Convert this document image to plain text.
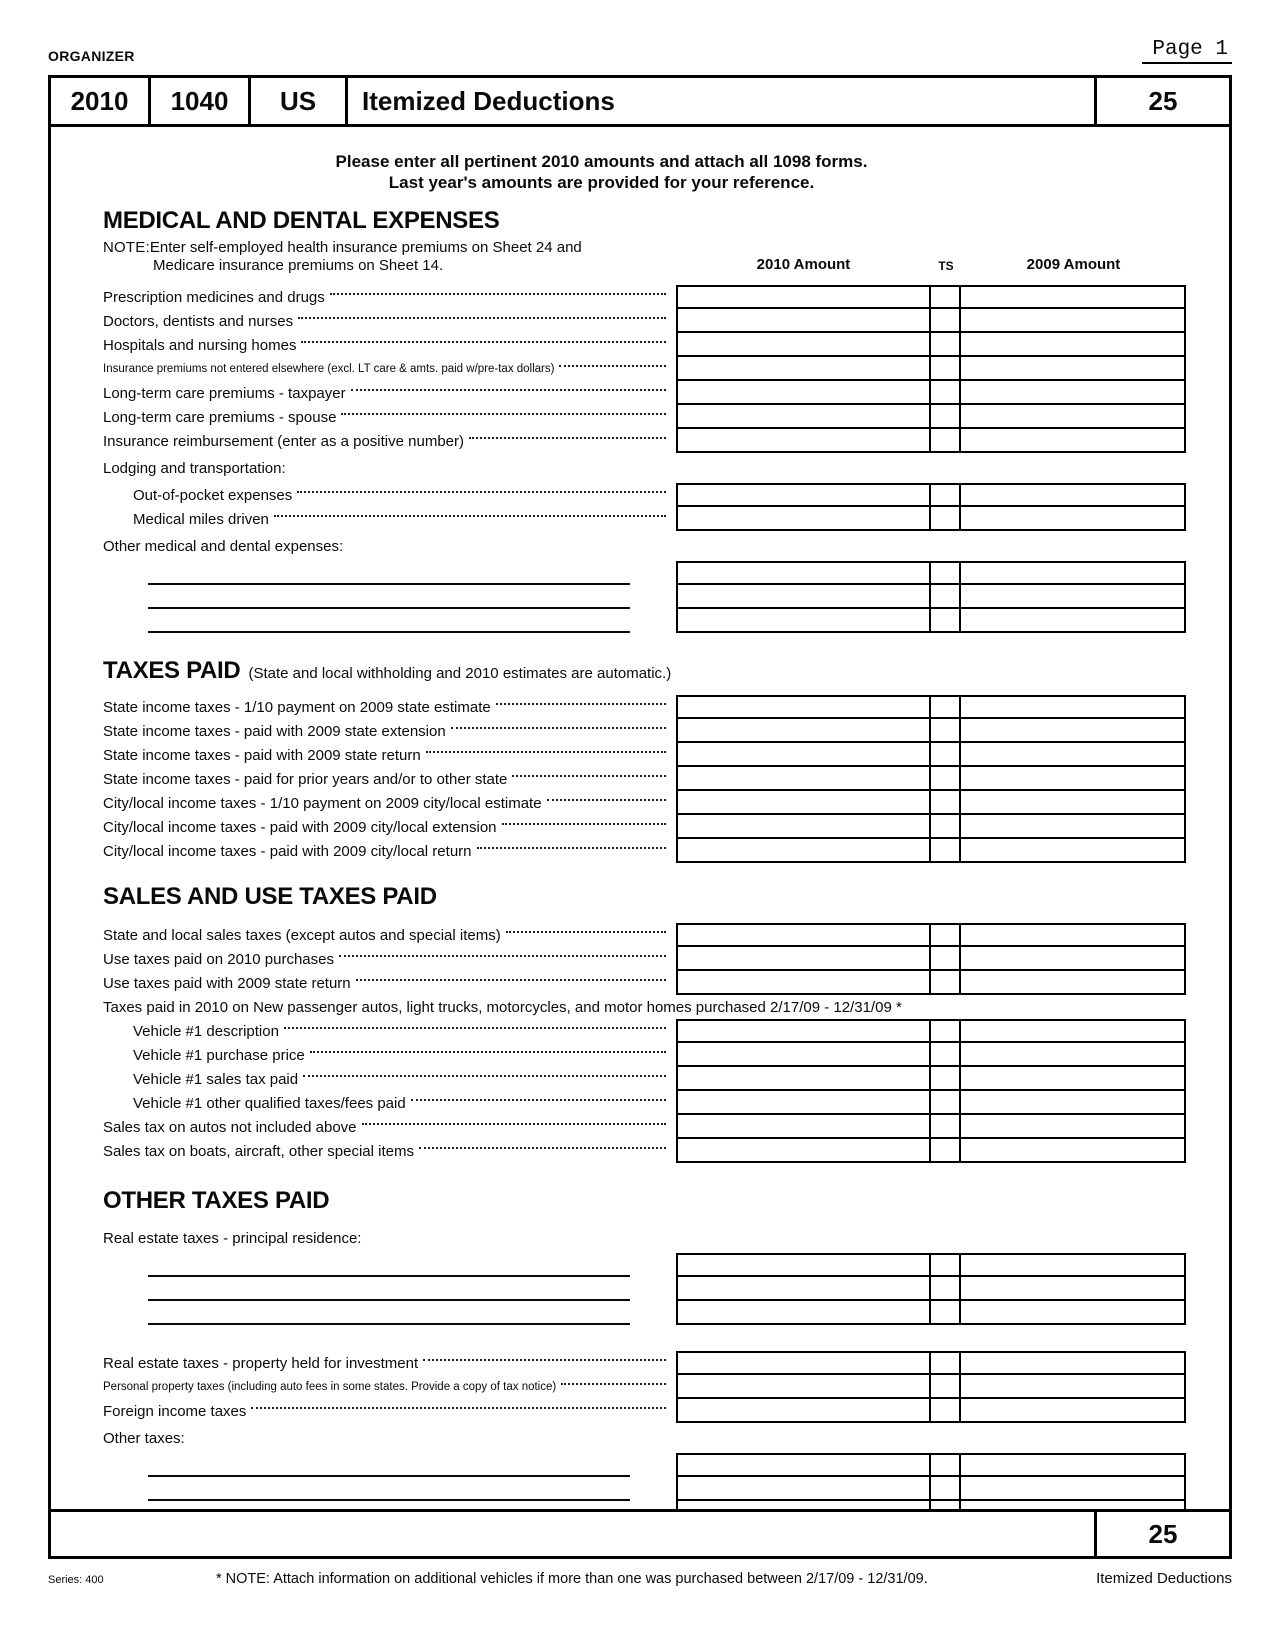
ORGANIZER	Page 1
2010	1040	US	Itemized Deductions	25
Please enter all pertinent 2010 amounts and attach all 1098 forms.
Last year's amounts are provided for your reference.
MEDICAL AND DENTAL EXPENSES
NOTE:Enter self-employed health insurance premiums on Sheet 24 and
Medicare insurance premiums on Sheet 14.	2010 Amount	TS	2009 Amount
Prescription medicines and drugs
Doctors, dentists and nurses
Hospitals and nursing homes
Insurance premiums not entered elsewhere (excl. LT care & amts. paid w/pre-tax dollars)
Long-term care premiums - taxpayer
Long-term care premiums - spouse
Insurance reimbursement (enter as a positive number)
Lodging and transportation:
Out-of-pocket expenses
Medical miles driven
Other medical and dental expenses:
TAXES PAID (State and local withholding and 2010 estimates are automatic.)
State income taxes - 1/10 payment on 2009 state estimate
State income taxes - paid with 2009 state extension
State income taxes - paid with 2009 state return
State income taxes - paid for prior years and/or to other state
City/local income taxes - 1/10 payment on 2009 city/local estimate
City/local income taxes - paid with 2009 city/local extension
City/local income taxes - paid with 2009 city/local return
SALES AND USE TAXES PAID
State and local sales taxes (except autos and special items)
Use taxes paid on 2010 purchases
Use taxes paid with 2009 state return
Taxes paid in 2010 on New passenger autos, light trucks, motorcycles, and motor homes purchased 2/17/09 - 12/31/09 *
Vehicle #1 description
Vehicle #1 purchase price
Vehicle #1 sales tax paid
Vehicle #1 other qualified taxes/fees paid
Sales tax on autos not included above
Sales tax on boats, aircraft, other special items
OTHER TAXES PAID
Real estate taxes - principal residence:
Real estate taxes - property held for investment
Personal property taxes (including auto fees in some states. Provide a copy of tax notice)
Foreign income taxes
Other taxes:
25
Series: 400	* NOTE: Attach information on additional vehicles if more than one was purchased between 2/17/09 - 12/31/09.	Itemized Deductions
